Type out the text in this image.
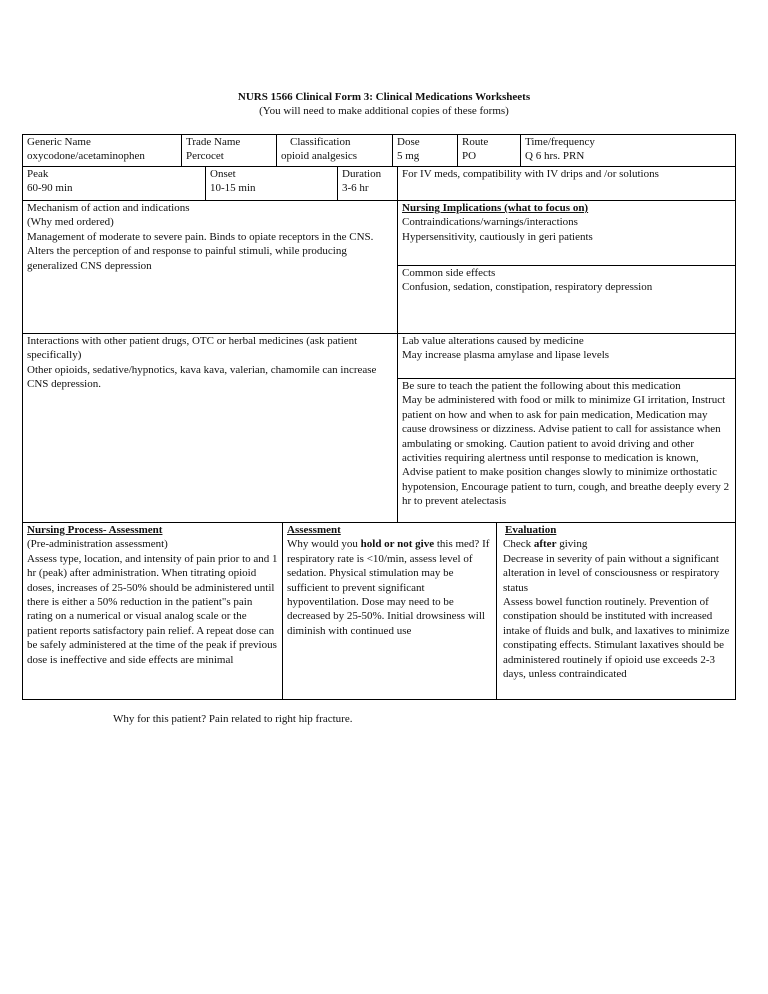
NURS 1566 Clinical Form 3: Clinical Medications Worksheets
(You will need to make additional copies of these forms)
Generic Name
oxycodone/acetaminophen
Trade Name
Percocet
Classification
opioid analgesics
Dose
5 mg
Route
PO
Time/frequency
Q 6 hrs. PRN
Peak
60-90 min
Onset
10-15 min
Duration
3-6 hr
For IV meds, compatibility with IV drips and /or solutions
Mechanism of action and indications
(Why med ordered)
Management of moderate to severe pain. Binds to opiate receptors in the CNS. Alters the perception of and response to painful stimuli, while producing generalized CNS depression
Nursing Implications (what to focus on)
Contraindications/warnings/interactions
Hypersensitivity, cautiously in geri patients
Common side effects
Confusion, sedation, constipation, respiratory depression
Interactions with other patient drugs, OTC or herbal medicines (ask patient specifically)
Other opioids, sedative/hypnotics, kava kava, valerian, chamomile can increase CNS depression.
Lab value alterations caused by medicine
May increase plasma amylase and lipase levels
Be sure to teach the patient the following about this medication
May be administered with food or milk to minimize GI irritation, Instruct patient on how and when to ask for pain medication, Medication may cause drowsiness or dizziness. Advise patient to call for assistance when ambulating or smoking. Caution patient to avoid driving and other activities requiring alertness until response to medication is known, Advise patient to make position changes slowly to minimize orthostatic hypotension, Encourage patient to turn, cough, and breathe deeply every 2 hr to prevent atelectasis
Nursing Process- Assessment
(Pre-administration assessment)
Assess type, location, and intensity of pain prior to and 1 hr (peak) after administration. When titrating opioid doses, increases of 25-50% should be administered until there is either a 50% reduction in the patient"s pain rating on a numerical or visual analog scale or the patient reports satisfactory pain relief. A repeat dose can be safely administered at the time of the peak if previous dose is ineffective and side effects are minimal
Assessment
Why would you hold or not give this med? If respiratory rate is <10/min, assess level of sedation. Physical stimulation may be sufficient to prevent significant hypoventilation. Dose may need to be decreased by 25-50%. Initial drowsiness will diminish with continued use
Evaluation
Check after giving
Decrease in severity of pain without a significant alteration in level of consciousness or respiratory status
Assess bowel function routinely. Prevention of constipation should be instituted with increased intake of fluids and bulk, and laxatives to minimize constipating effects. Stimulant laxatives should be administered routinely if opioid use exceeds 2-3 days, unless contraindicated
Why for this patient? Pain related to right hip fracture.
